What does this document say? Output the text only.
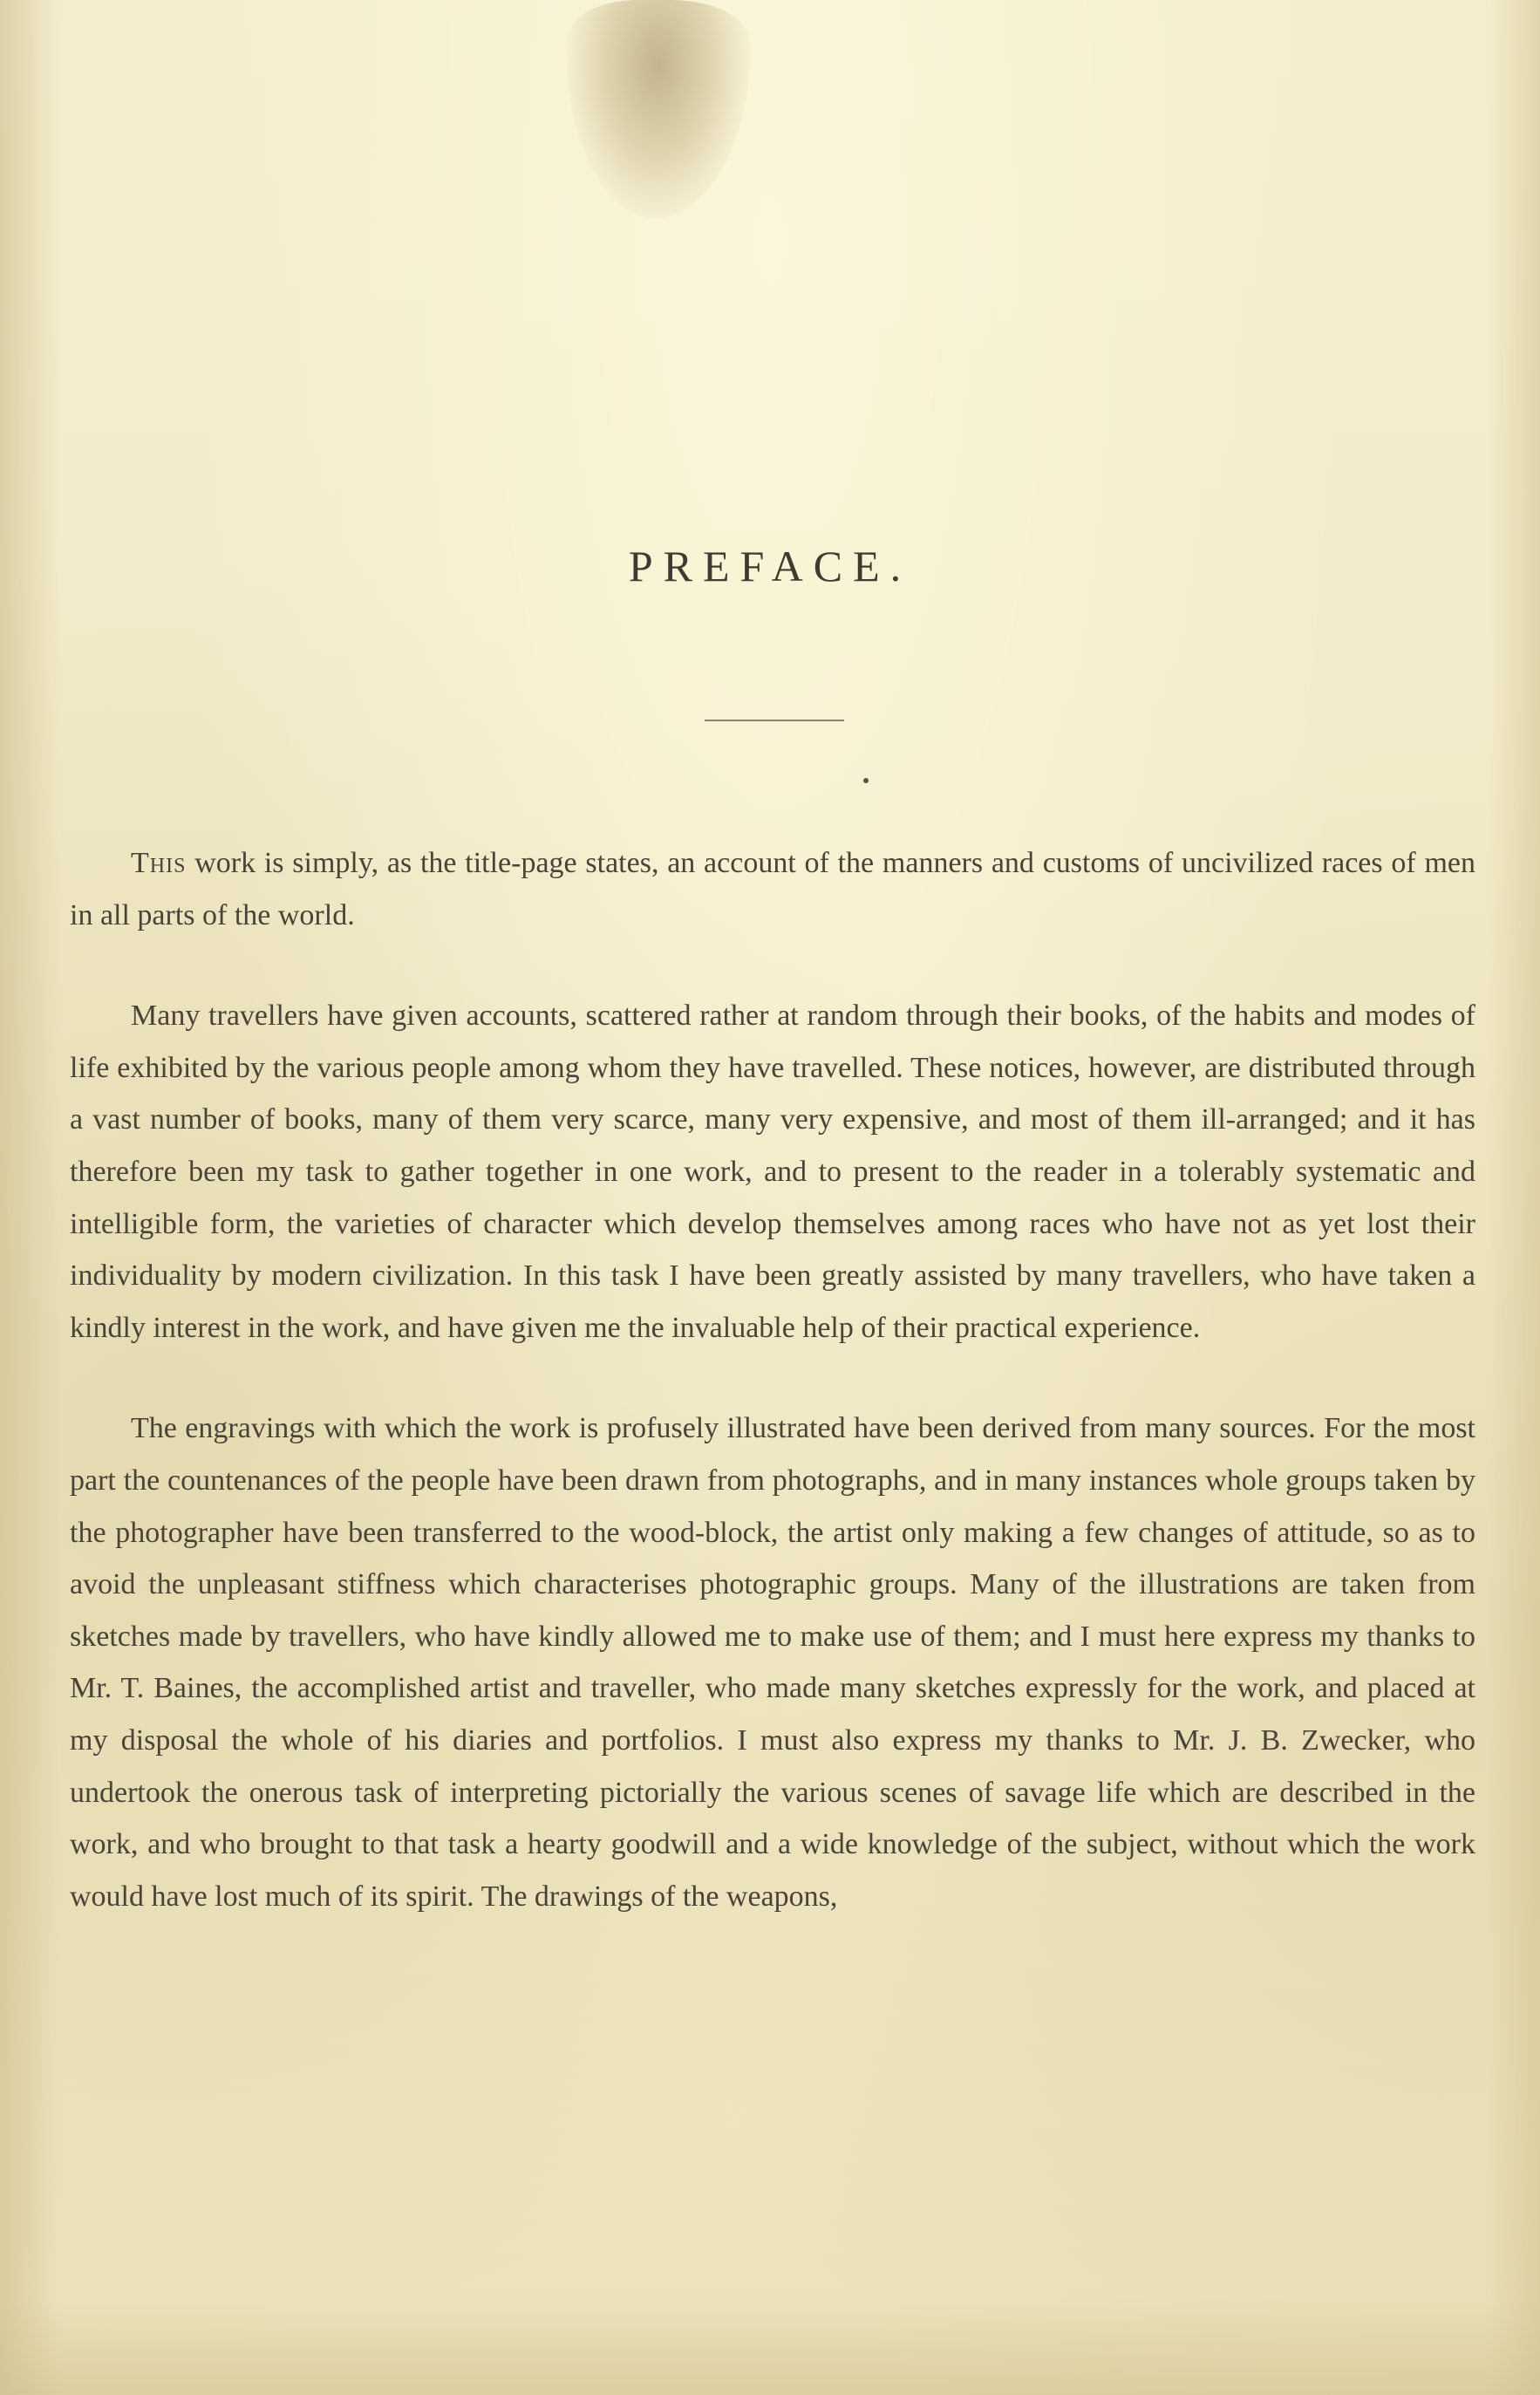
PREFACE.

This work is simply, as the title-page states, an account of the manners and customs of uncivilized races of men in all parts of the world.

Many travellers have given accounts, scattered rather at random through their books, of the habits and modes of life exhibited by the various people among whom they have travelled. These notices, however, are distributed through a vast number of books, many of them very scarce, many very expensive, and most of them ill-arranged; and it has therefore been my task to gather together in one work, and to present to the reader in a tolerably systematic and intelligible form, the varieties of character which develop themselves among races who have not as yet lost their individuality by modern civilization. In this task I have been greatly assisted by many travellers, who have taken a kindly interest in the work, and have given me the invaluable help of their practical experience.

The engravings with which the work is profusely illustrated have been derived from many sources. For the most part the countenances of the people have been drawn from photographs, and in many instances whole groups taken by the photographer have been transferred to the wood-block, the artist only making a few changes of attitude, so as to avoid the unpleasant stiffness which characterises photographic groups. Many of the illustrations are taken from sketches made by travellers, who have kindly allowed me to make use of them; and I must here express my thanks to Mr. T. Baines, the accomplished artist and traveller, who made many sketches expressly for the work, and placed at my disposal the whole of his diaries and portfolios. I must also express my thanks to Mr. J. B. Zwecker, who undertook the onerous task of interpreting pictorially the various scenes of savage life which are described in the work, and who brought to that task a hearty goodwill and a wide knowledge of the subject, without which the work would have lost much of its spirit. The drawings of the weapons,
